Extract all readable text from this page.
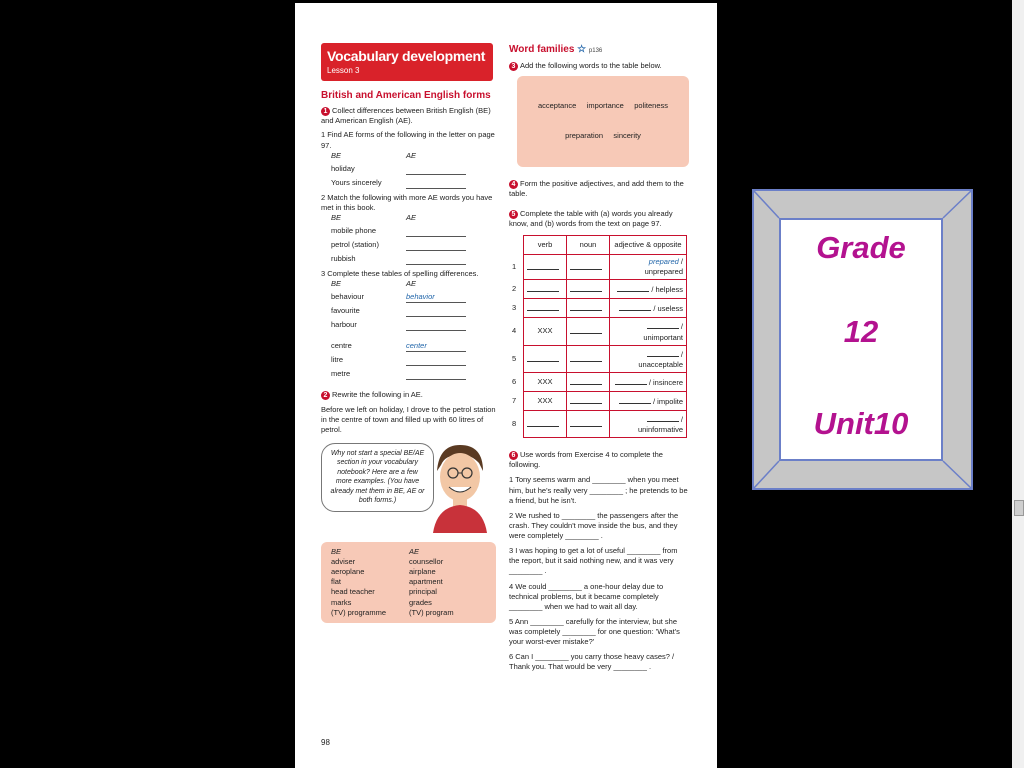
Vocabulary development
Lesson 3
British and American English forms
1 Collect differences between British English (BE) and American English (AE).
1 Find AE forms of the following in the letter on page 97.
BE	AE
holiday
Yours sincerely
2 Match the following with more AE words you have met in this book.
BE	AE
mobile phone
petrol (station)
rubbish
3 Complete these tables of spelling differences.
BE	AE
behaviour	behavior
favourite
harbour
centre	center
litre
metre
2 Rewrite the following in AE.
Before we left on holiday, I drove to the petrol station in the centre of town and filled up with 60 litres of petrol.
Why not start a special BE/AE section in your vocabulary notebook? Here are a few more examples. (You have already met them in BE, AE or both forms.)
BE	AE
adviser	counsellor
aeroplane	airplane
flat	apartment
head teacher	principal
marks	grades
(TV) programme	(TV) program
98
Word families ☆ p136
3 Add the following words to the table below.

acceptance     importance     politeness

preparation     sincerity

4 Form the positive adjectives, and add them to the table.
5 Complete the table with (a) words you already know, and (b) words from the text on page 97.
	verb	noun	adjective & opposite
1			prepared / unprepared
2			/ helpless
3			/ useless
4	XXX		/ unimportant
5			/ unacceptable
6	XXX		/ insincere
7	XXX		/ impolite
8			/ uninformative
6 Use words from Exercise 4 to complete the following.
1 Tony seems warm and ________ when you meet him, but he's really very ________ ; he pretends to be a friend, but he isn't.
2 We rushed to ________ the passengers after the crash. They couldn't move inside the bus, and they were completely ________ .
3 I was hoping to get a lot of useful ________ from the report, but it said nothing new, and it was very ________ .
4 We could ________ a one-hour delay due to technical problems, but it became completely ________ when we had to wait all day.
5 Ann ________ carefully for the interview, but she was completely ________ for one question: 'What's your worst-ever mistake?'
6 Can I ________ you carry those heavy cases? / Thank you. That would be very ________ .
Grade
12
Unit10
